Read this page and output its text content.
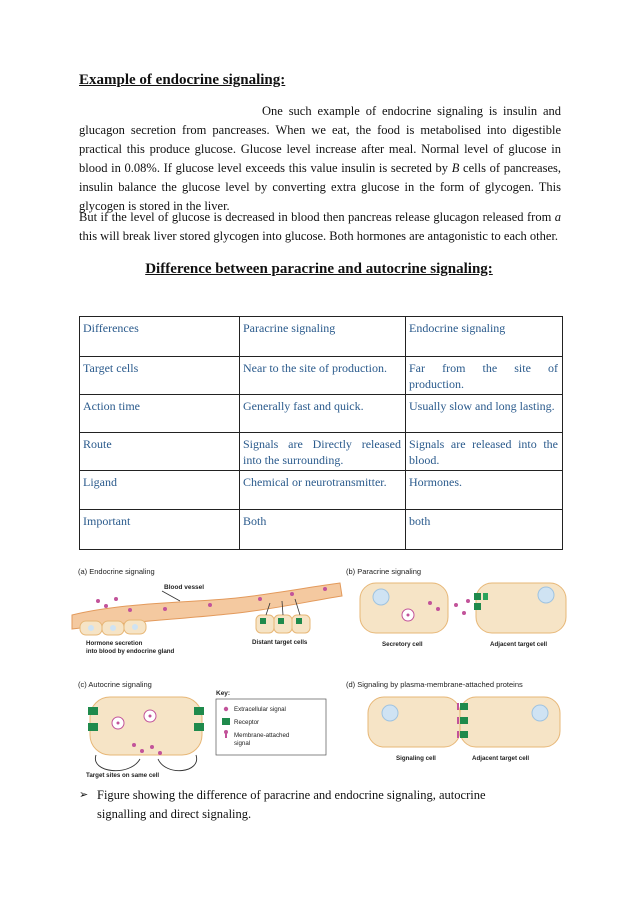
Example of endocrine signaling:

One such example of endocrine signaling is insulin and glucagon secretion from pancreases. When we eat, the food is metabolised into digestible practical this produce glucose. Glucose level increase after meal. Normal level of glucose in blood in 0.08%. If glucose level exceeds this value insulin is secreted by B cells of pancreases, insulin balance the glucose level by converting extra glucose in the form of glycogen. This glycogen is stored in the liver.

But if the level of glucose is decreased in blood then pancreas release glucagon released from a this will break liver stored glycogen into glucose. Both hormones are antagonistic to each other.

Difference between paracrine and autocrine signaling:
Differences	Paracrine signaling	Endocrine signaling
Target cells	Near to the site of production.	Far from the site of production.
Action time	Generally fast and quick.	Usually slow and long lasting.
Route	Signals are Directly released into the surrounding.	Signals are released into the blood.
Ligand	Chemical or neurotransmitter.	Hormones.
Important	Both	both
(a) Endocrine signaling
Blood vessel
Hormone secretion
into blood by endocrine gland
Distant target cells
(b) Paracrine signaling
Secretory cell	Adjacent target cell
(c) Autocrine signaling
Target sites on same cell
Key:
Extracellular signal
Receptor
Membrane-attached
signal
(d) Signaling by plasma-membrane-attached proteins
Signaling cell	Adjacent target cell
➢ Figure showing the difference of paracrine and endocrine signaling, autocrine
signalling and direct signaling.
